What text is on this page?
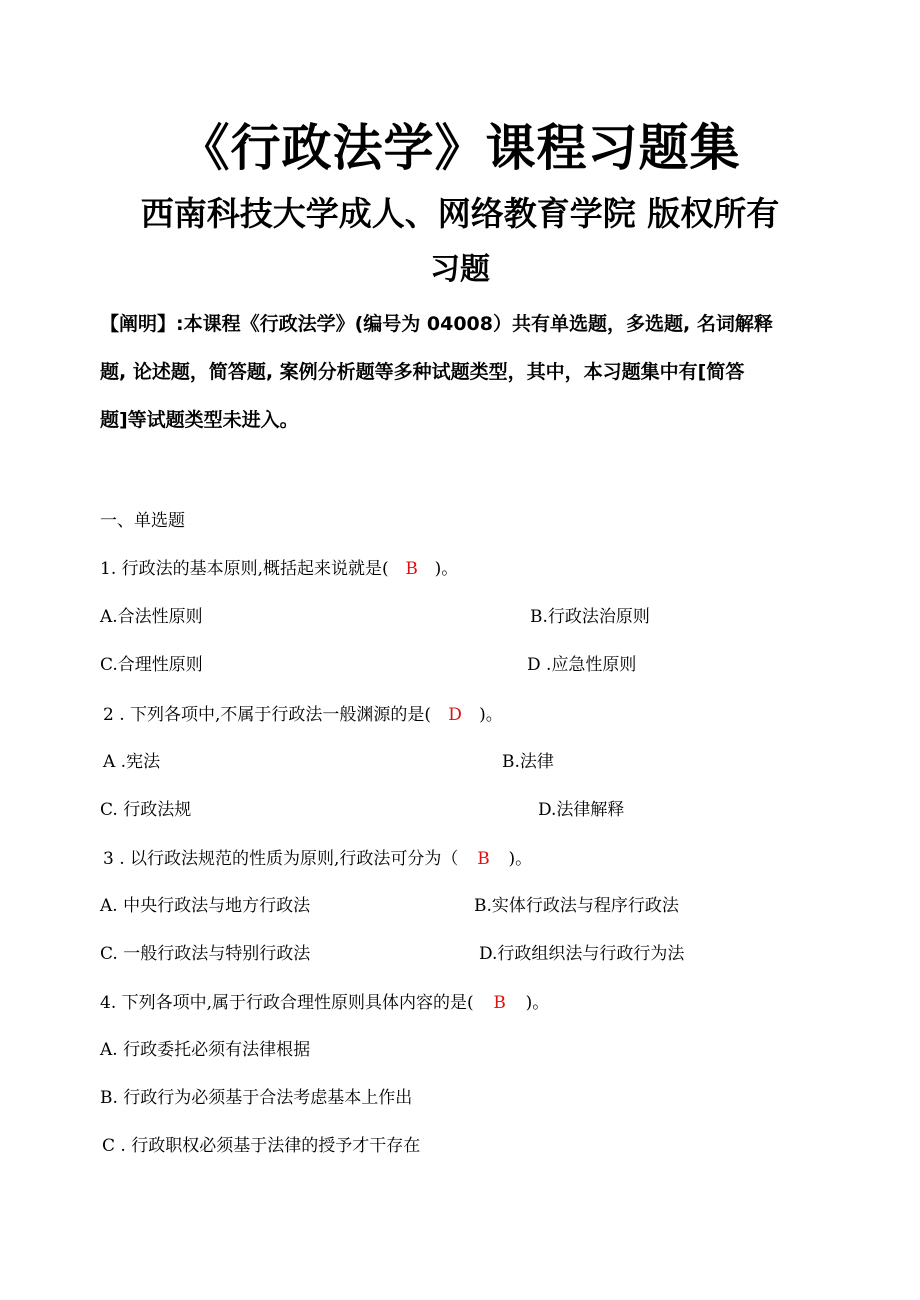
《行政法学》课程习题集
西南科技大学成人、网络教育学院 版权所有
习题
【阐明】:本课程《行政法学》(编号为 04008）共有单选题，多选题, 名词解释
题, 论述题，简答题, 案例分析题等多种试题类型，其中，本习题集中有[简答
题]等试题类型未进入。
一、单选题
1. 行政法的基本原则,概括起来说就是( B )。
A.合法性原则	B.行政法治原则
C.合理性原则	D .应急性原则
2 . 下列各项中,不属于行政法一般渊源的是( D )。
A .宪法	B.法律
C. 行政法规	D.法律解释
3 . 以行政法规范的性质为原则,行政法可分为（ B )。
A. 中央行政法与地方行政法	B.实体行政法与程序行政法
C. 一般行政法与特别行政法	D.行政组织法与行政行为法
4. 下列各项中,属于行政合理性原则具体内容的是( B )。
A. 行政委托必须有法律根据
B. 行政行为必须基于合法考虑基本上作出
C . 行政职权必须基于法律的授予才干存在
